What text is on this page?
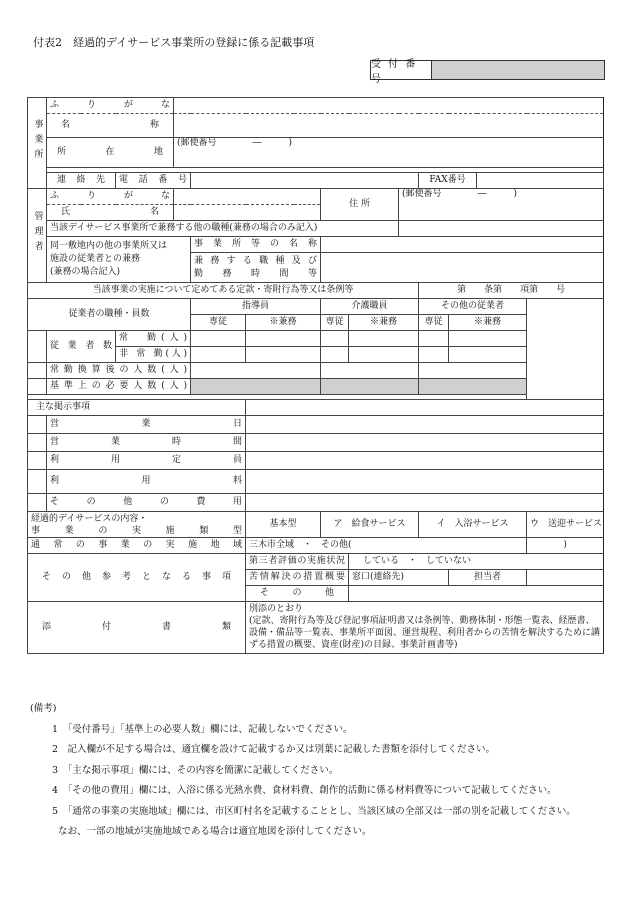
付表2　経過的デイサービス事業所の登録に係る記載事項
受 付 番 号
事業所	ふ り が な											
	名　　称											
	所　在　地		(郵便番号　　　　―　　　)									

	連　絡　先	電 話 番 号							FAX番号			
管理者	ふ り が な					住 所		(郵便番号　　　　―　　　)				
	氏　　名											
	当該デイサービス事業所で兼務する他の職種(兼務の場合のみ記入)											

	同一敷地内の他の事業所又は
施設の従業者との兼務
(兼務の場合記入)			事業所等の名称								

				兼務する職種及び
勤 務 時 間 等								

当該事業の実施について定めてある定款・寄附行為等又は条例等									第　　条第　　項第　　号			
従業者の職種・員数				指導員		介護職員			その他の従業者			
				専従	※兼務	専従	※兼務		専従	※兼務		
	従 業 者 数	常　勤(人)										
		非 常 勤(人)										
	常勤換算後の人数(人)											
	基準上の必要人数(人)											

主な掲示事項												
	営　　業　　日											
	営　業　時　間											
	利　用　定　員											
	利　　用　　料											
	そ の 他 の 費 用											

経過的デイサービスの内容・
事 業 の 実 施 類 型					基本型	ア　給食サービス			イ　入浴サービス			ウ　送迎サービス
通常の事業の実施地域					三木市全域　・　その他(							)
そ の 他 参 考 と な る 事 項					第三者評価の実施状況		している　・　していない					
					苦情解決の措置概要		窓口(連絡先)			担当者		
					そ　　の　　他							
添　　　付　　　書　　　類					別添のとおり
(定款、寄附行為等及び登記事項証明書又は条例等、勤務体制・形態一覧表、経歴書、設備・備品等一覧表、事業所平面図、運営規程、利用者からの苦情を解決するために講ずる措置の概要、資産(財産)の目録、事業計画書等)							
(備考)
1　「受付番号」「基準上の必要人数」欄には、記載しないでください。
2　記入欄が不足する場合は、適宜欄を設けて記載するか又は別葉に記載した書類を添付してください。
3　「主な掲示事項」欄には、その内容を簡潔に記載してください。
4　「その他の費用」欄には、入浴に係る光熱水費、食材料費、創作的活動に係る材料費等について記載してください。
5　「通常の事業の実施地域」欄には、市区町村名を記載することとし、当該区域の全部又は一部の別を記載してください。
なお、一部の地域が実施地域である場合は適宜地図を添付してください。
